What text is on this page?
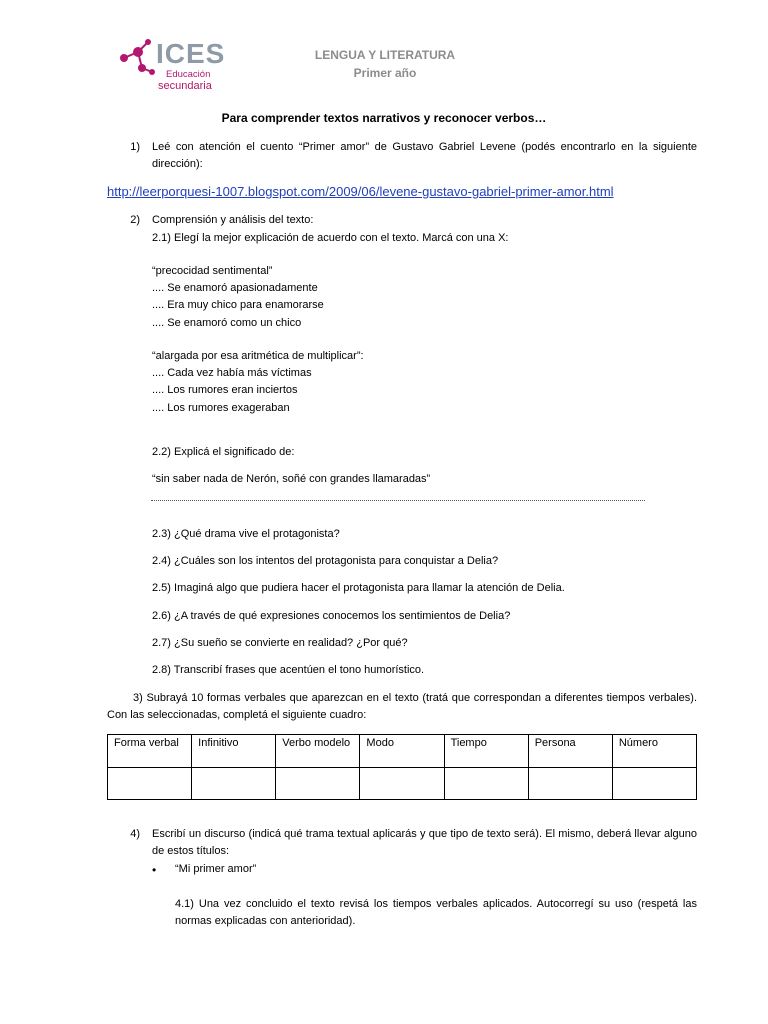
ICES
Educación
secundaria
LENGUA Y LITERATURA
Primer año
Para comprender textos narrativos y reconocer verbos…
1) Leé con atención el cuento “Primer amor” de Gustavo Gabriel Levene (podés encontrarlo en la siguiente dirección):
http://leerporquesi-1007.blogspot.com/2009/06/levene-gustavo-gabriel-primer-amor.html
2) Comprensión y análisis del texto:
2.1) Elegí la mejor explicación de acuerdo con el texto. Marcá con una X:
“precocidad sentimental”
.... Se enamoró apasionadamente
.... Era muy chico para enamorarse
.... Se enamoró como un chico
“alargada por esa aritmética de multiplicar”:
.... Cada vez había más víctimas
.... Los rumores eran inciertos
.... Los rumores exageraban
2.2) Explicá el significado de:
“sin saber nada de Nerón, soñé con grandes llamaradas”
2.3) ¿Qué drama vive el protagonista?
2.4) ¿Cuáles son los intentos del protagonista para conquistar a Delia?
2.5) Imaginá algo que pudiera hacer el protagonista para llamar la atención de Delia.
2.6) ¿A través de qué expresiones conocemos los sentimientos de Delia?
2.7) ¿Su sueño se convierte en realidad? ¿Por qué?
2.8) Transcribí frases que acentúen el tono humorístico.
3) Subrayá 10 formas verbales que aparezcan en el texto (tratá que correspondan a diferentes tiempos verbales). Con las seleccionadas, completá el siguiente cuadro:
Forma verbal	Infinitivo	Verbo modelo	Modo	Tiempo	Persona	Número

4) Escribí un discurso (indicá qué trama textual aplicarás y que tipo de texto será). El mismo, deberá llevar alguno de estos títulos:
• “Mi primer amor”
4.1) Una vez concluido el texto revisá los tiempos verbales aplicados. Autocorregí su uso (respetá las normas explicadas con anterioridad).
